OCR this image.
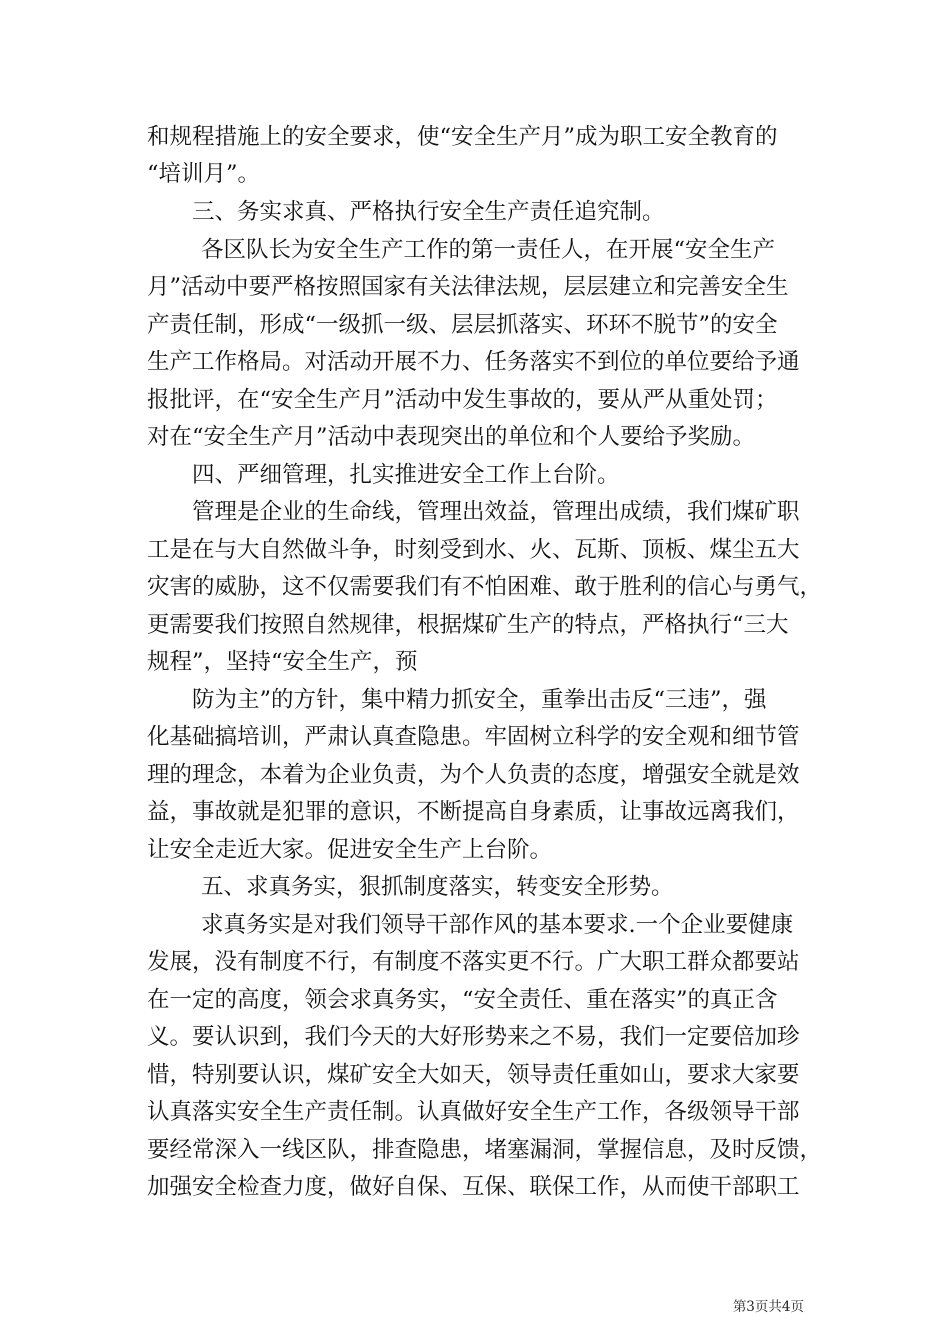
和规程措施上的安全要求，使“安全生产月”成为职工安全教育的
“培训月”。
三、务实求真、严格执行安全生产责任追究制。
各区队长为安全生产工作的第一责任人，在开展“安全生产
月”活动中要严格按照国家有关法律法规，层层建立和完善安全生
产责任制，形成“一级抓一级、层层抓落实、环环不脱节”的安全
生产工作格局。对活动开展不力、任务落实不到位的单位要给予通
报批评，在“安全生产月”活动中发生事故的，要从严从重处罚；
对在“安全生产月”活动中表现突出的单位和个人要给予奖励。
四、严细管理，扎实推进安全工作上台阶。
管理是企业的生命线，管理出效益，管理出成绩，我们煤矿职
工是在与大自然做斗争，时刻受到水、火、瓦斯、顶板、煤尘五大
灾害的威胁，这不仅需要我们有不怕困难、敢于胜利的信心与勇气，
更需要我们按照自然规律，根据煤矿生产的特点，严格执行“三大
规程”，坚持“安全生产，预
防为主”的方针，集中精力抓安全，重拳出击反“三违”，强
化基础搞培训，严肃认真查隐患。牢固树立科学的安全观和细节管
理的理念，本着为企业负责，为个人负责的态度，增强安全就是效
益，事故就是犯罪的意识，不断提高自身素质，让事故远离我们，
让安全走近大家。促进安全生产上台阶。
五、求真务实，狠抓制度落实，转变安全形势。
求真务实是对我们领导干部作风的基本要求.一个企业要健康
发展，没有制度不行，有制度不落实更不行。广大职工群众都要站
在一定的高度，领会求真务实，“安全责任、重在落实”的真正含
义。要认识到，我们今天的大好形势来之不易，我们一定要倍加珍
惜，特别要认识，煤矿安全大如天，领导责任重如山，要求大家要
认真落实安全生产责任制。认真做好安全生产工作，各级领导干部
要经常深入一线区队，排查隐患，堵塞漏洞，掌握信息，及时反馈，
加强安全检查力度，做好自保、互保、联保工作，从而使干部职工
第3页共4页
